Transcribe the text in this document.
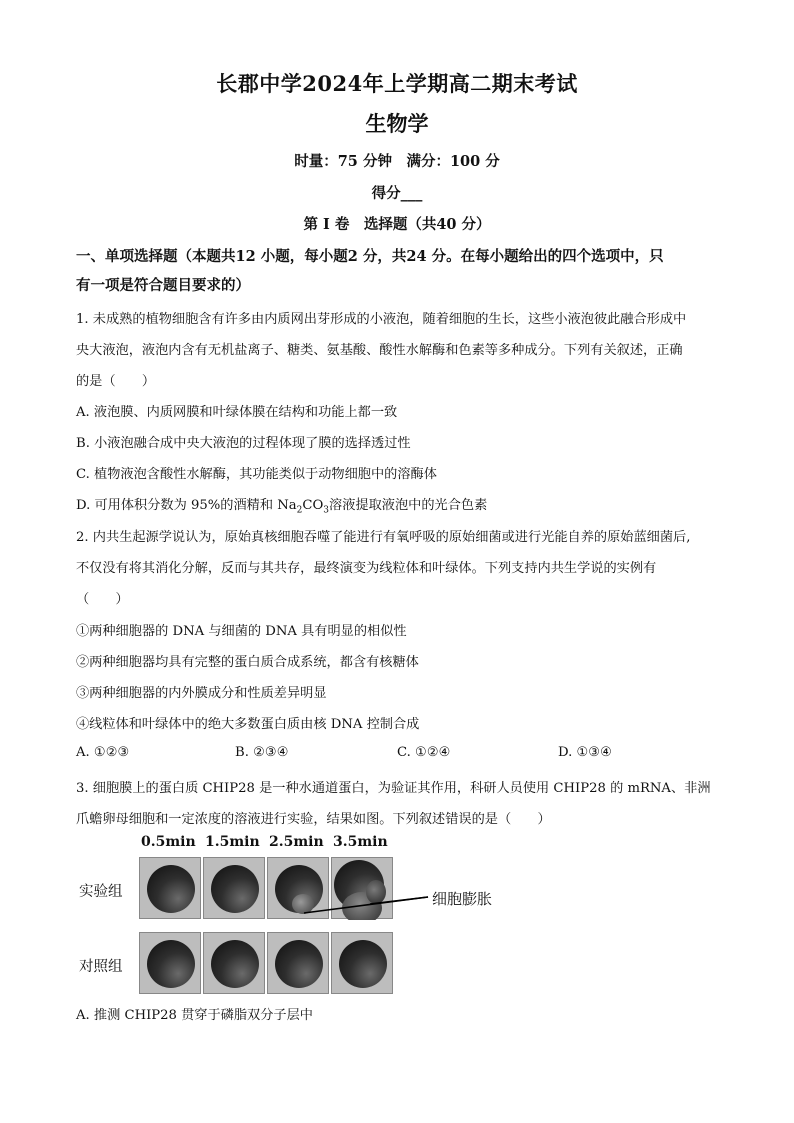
长郡中学2024年上学期高二期末考试
生物学
时量：75 分钟　满分：100 分
得分___
第 I 卷　选择题（共40 分）
一、单项选择题（本题共12 小题，每小题2 分，共24 分。在每小题给出的四个选项中，只
有一项是符合题目要求的）
1. 未成熟的植物细胞含有许多由内质网出芽形成的小液泡，随着细胞的生长，这些小液泡彼此融合形成中
央大液泡，液泡内含有无机盐离子、糖类、氨基酸、酸性水解酶和色素等多种成分。下列有关叙述，正确
的是（　　）
A. 液泡膜、内质网膜和叶绿体膜在结构和功能上都一致
B. 小液泡融合成中央大液泡的过程体现了膜的选择透过性
C. 植物液泡含酸性水解酶，其功能类似于动物细胞中的溶酶体
D. 可用体积分数为 95%的酒精和 $Na_2CO_3$溶液提取液泡中的光合色素
2. 内共生起源学说认为，原始真核细胞吞噬了能进行有氧呼吸的原始细菌或进行光能自养的原始蓝细菌后,
不仅没有将其消化分解，反而与其共存，最终演变为线粒体和叶绿体。下列支持内共生学说的实例有
（　　）
①两种细胞器的 DNA 与细菌的 DNA 具有明显的相似性
②两种细胞器均具有完整的蛋白质合成系统，都含有核糖体
③两种细胞器的内外膜成分和性质差异明显
④线粒体和叶绿体中的绝大多数蛋白质由核 DNA 控制合成
A. ①②③	B. ②③④	C. ①②④	D. ①③④
3. 细胞膜上的蛋白质 CHIP28 是一种水通道蛋白，为验证其作用，科研人员使用 CHIP28 的 mRNA、非洲
爪蟾卵母细胞和一定浓度的溶液进行实验，结果如图。下列叙述错误的是（　　）
0.5min 1.5min 2.5min 3.5min
实验组
对照组
细胞膨胀
A. 推测 CHIP28 贯穿于磷脂双分子层中
